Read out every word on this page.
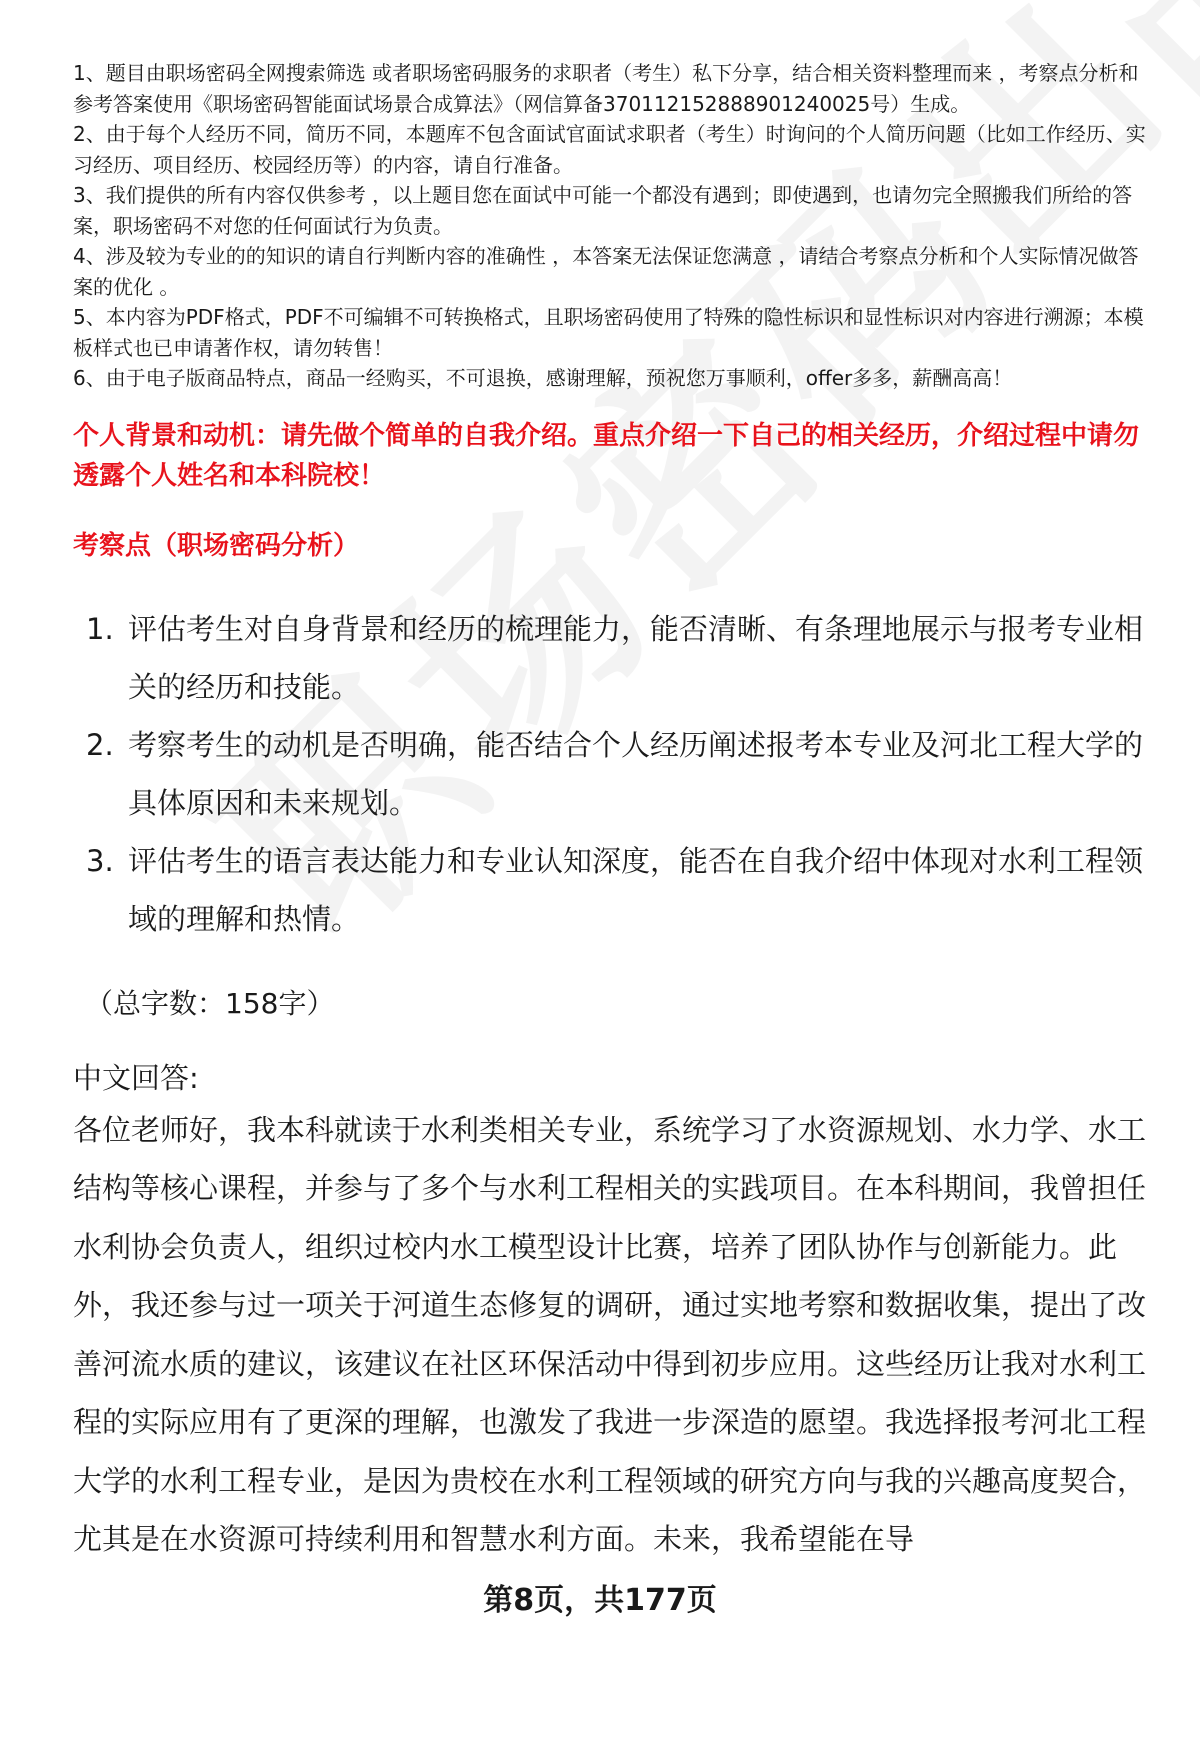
1、题目由职场密码全网搜索筛选 或者职场密码服务的求职者（考生）私下分享，结合相关资料整理而来 ，考察点分析和参考答案使用《职场密码智能面试场景合成算法》（网信算备370112152888901240025号）生成。

2、由于每个人经历不同，简历不同，本题库不包含面试官面试求职者（考生）时询问的个人简历问题（比如工作经历、实习经历、项目经历、校园经历等）的内容，请自行准备。

3、我们提供的所有内容仅供参考 ，以上题目您在面试中可能一个都没有遇到；即使遇到，也请勿完全照搬我们所给的答案，职场密码不对您的任何面试行为负责。

4、涉及较为专业的的知识的请自行判断内容的准确性 ，本答案无法保证您满意 ，请结合考察点分析和个人实际情况做答案的优化 。

5、本内容为PDF格式，PDF不可编辑不可转换格式，且职场密码使用了特殊的隐性标识和显性标识对内容进行溯源；本模板样式也已申请著作权，请勿转售！

6、由于电子版商品特点，商品一经购买，不可退换，感谢理解，预祝您万事顺利，offer多多，薪酬高高！

个人背景和动机：请先做个简单的自我介绍。重点介绍一下自己的相关经历，介绍过程中请勿透露个人姓名和本科院校！
考察点（职场密码分析）
1. 评估考生对自身背景和经历的梳理能力，能否清晰、有条理地展示与报考专业相关的经历和技能。
2. 考察考生的动机是否明确，能否结合个人经历阐述报考本专业及河北工程大学的具体原因和未来规划。
3. 评估考生的语言表达能力和专业认知深度，能否在自我介绍中体现对水利工程领域的理解和热情。
（总字数：158字）
中文回答:
各位老师好，我本科就读于水利类相关专业，系统学习了水资源规划、水力学、水工结构等核心课程，并参与了多个与水利工程相关的实践项目。在本科期间，我曾担任水利协会负责人，组织过校内水工模型设计比赛，培养了团队协作与创新能力。此外，我还参与过一项关于河道生态修复的调研，通过实地考察和数据收集，提出了改善河流水质的建议，该建议在社区环保活动中得到初步应用。这些经历让我对水利工程的实际应用有了更深的理解，也激发了我进一步深造的愿望。我选择报考河北工程大学的水利工程专业，是因为贵校在水利工程领域的研究方向与我的兴趣高度契合，尤其是在水资源可持续利用和智慧水利方面。未来，我希望能在导
第8页，共177页
